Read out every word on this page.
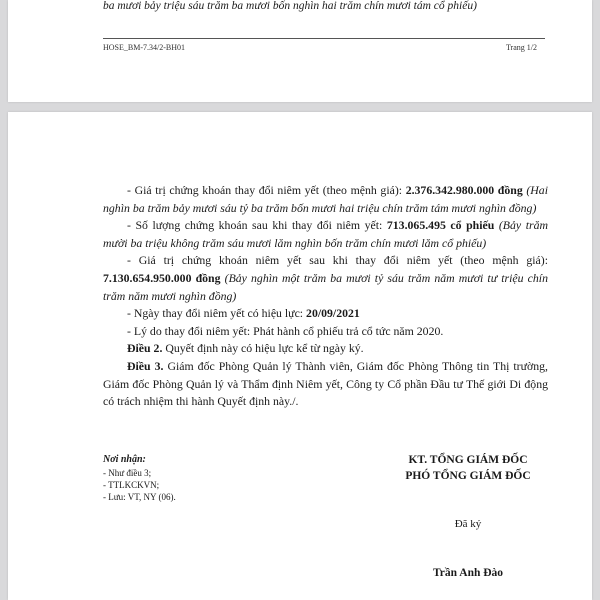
ba mươi bảy triệu sáu trăm ba mươi bốn nghìn hai trăm chín mươi tám cổ phiếu)
HOSE_BM-7.34/2-BH01	Trang 1/2

- Giá trị chứng khoán thay đổi niêm yết (theo mệnh giá): 2.376.342.980.000 đồng (Hai nghìn ba trăm bảy mươi sáu tỷ ba trăm bốn mươi hai triệu chín trăm tám mươi nghìn đồng)

- Số lượng chứng khoán sau khi thay đổi niêm yết: 713.065.495 cổ phiếu (Bảy trăm mười ba triệu không trăm sáu mươi lăm nghìn bốn trăm chín mươi lăm cổ phiếu)

- Giá trị chứng khoán niêm yết sau khi thay đổi niêm yết (theo mệnh giá): 7.130.654.950.000 đồng (Bảy nghìn một trăm ba mươi tỷ sáu trăm năm mươi tư triệu chín trăm năm mươi nghìn đồng)

- Ngày thay đổi niêm yết có hiệu lực: 20/09/2021

- Lý do thay đổi niêm yết: Phát hành cổ phiếu trả cổ tức năm 2020.

Điều 2. Quyết định này có hiệu lực kể từ ngày ký.

Điều 3. Giám đốc Phòng Quản lý Thành viên, Giám đốc Phòng Thông tin Thị trường, Giám đốc Phòng Quản lý và Thẩm định Niêm yết, Công ty Cổ phần Đầu tư Thế giới Di động có trách nhiệm thi hành Quyết định này./.

Nơi nhận:
- Như điều 3;
- TTLKCKVN;
- Lưu: VT, NY (06).
KT. TỔNG GIÁM ĐỐC
PHÓ TỔNG GIÁM ĐỐC
Đã ký
Trần Anh Đào
